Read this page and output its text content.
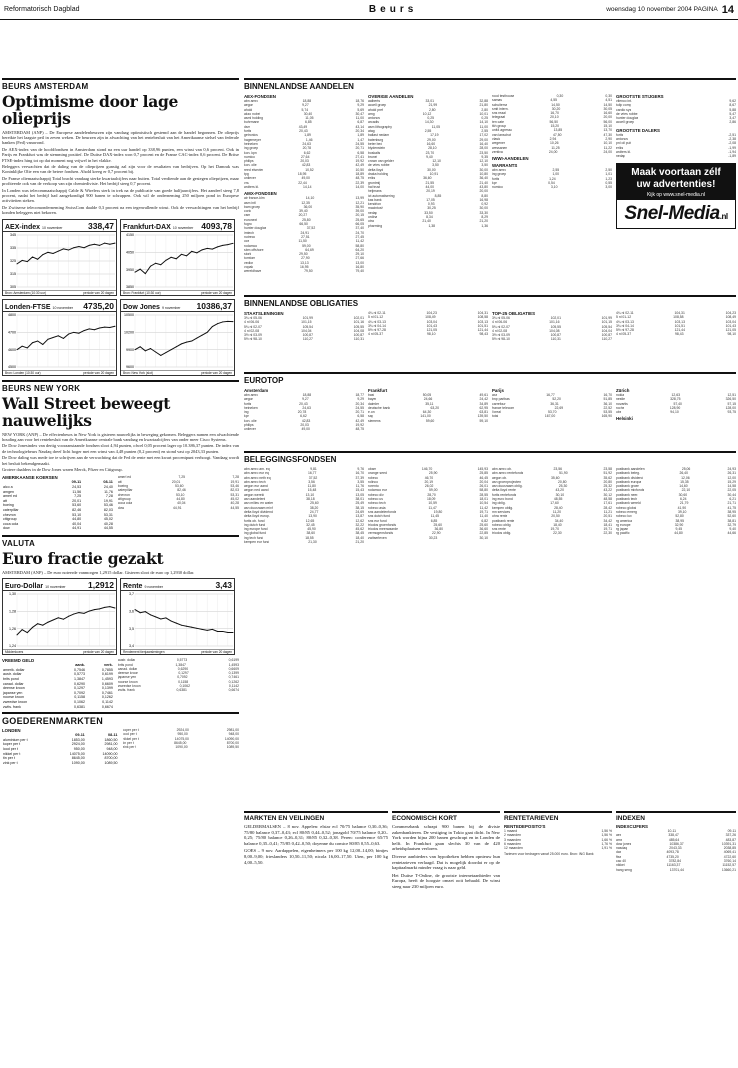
Reformatorisch Dagblad	Beurs	woensdag 10 november 2004 PAGINA 14
BEURS AMSTERDAM
Optimisme door lage olieprijs

AMSTERDAM (ANP) – De Europese aandelenbeurzen zijn vandaag optimistisch gestemd aan de handel begonnen. De olieprijs bereikte het laagste peil in zeven weken. De beurzen zijn in afwachting van het rentebesluit van het Amerikaanse stelsel van federale banken (Fed) vanavond.

De AEX-index van de hoofdfondsen in Amsterdam stond na een uur handel op 338,96 punten, een winst van 0,6 procent. Ook in Parijs en Frankfurt was de stemming positief. De Duitse DAX-index won 0,7 procent en de Franse CAC-index 0,6 procent. De Britse FTSE-index hing tot op dat moment nog vrijwel in het vlakke.

Beleggers verwachten dat de daling van de olieprijzen gunstig zal zijn voor de resultaten van bedrijven. Op het Damrak was Koninklijke Olie een van de betere fondsen. Ahold kreeg er 0,7 procent bij.

De Franse oliemaatschappij Total bracht vandaag sterke kwartaalcijfers naar buiten. Total verdiende aan de gestegen olieprijzen, maar profiteerde ook van de verkoop van zijn chemiedivisie. Het bedrijf steeg 0,7 procent.

In Londen was telecommaatschappij Cable & Wireless sterk in trek na de publicatie van goede halfjaarcijfers. Het aandeel steeg 7,8 procent, nadat het bedrijf had aangekondigd 900 banen te schrappen. Ook wil de onderneming 250 miljoen pond in Europese activiteiten steken.

De Zwitserse telecomonderneming SwissCom daalde 0,3 procent na een tegenvallende winst. Ook de verwachtingen van het bedrijf konden beleggers niet bekoren.

AEX-index 10 november	338,47
345
335
325
315
305
Bron: Amsterdam (10:30 uur)	periode van 20 dagen
Frankfurt-DAX 10 november 4093,78
4150
4050
3950
3850
Bron: Frankfurt (10:30 uur)	periode van 20 dagen
Londen-FTSE 10 november 4735,20
4800
4700
4600
4500
Bron: Londen (10:30 uur)	periode van 20 dagen
Dow Jones 9 november 10386,37
10500
10200
9900
9600
Bron: New York (slot)	periode van 20 dagen
BEURS NEW YORK
Wall Street beweegt nauwelijks

NEW YORK (ANP) – De effectenbeurs in New York is gisteren nauwelijks in beweging gekomen. Beleggers namen een afwachtende houding aan voor het rentebesluit van de Amerikaanse centrale bank vandaag en kwartaalcijfers van onder meer Cisco Systems.

De Dow Jonesindex van dertig vooraanstaande fondsen sloot 4,94 punten, ofwel 0,05 procent lager op 10.386,37 punten. De index van de technologiebeurs Nasdaq dreef licht hoger met een winst van 4,48 punten (0,2 procent) en stond vast op 2043,33 punten.

De Dow daling was mede toe te schrijven aan de verwachting dat de Fed de rente met een kwart procentpunt verhoogt. Vandaag wordt het besluit bekendgemaakt.

Grotere daalders in de Dow Jones waren Merck, Pfizer en Citigroup.

AMERIKAANSE KOERSEN
	09-11	08-11
alco a	24,53	24,40
amgen	11,56	11,76
amerl ed	7,25	7,28
att	20,01	19,91
boeing	53,60	53,46
caterpillar	82,46	82,03
chevron	53,10	53,31
citigroup	44,80	45,02
coca cola	40,04	40,28
dow	44,91	44,55
amerl ed	7,25	7,28
att	20,01	19,91
boeing	53,60	53,46
caterpillar	82,46	82,03
chevron	53,10	53,31
citigroup	44,80	45,02
coca cola	40,04	40,28
dow	44,91	44,55
VALUTA
Euro fractie gezakt

AMSTERDAM (ANP) – De euro noteerde vanmorgen 1,2915 dollar. Gisteren sloot de euro op 1,2930 dollar.

Euro-Dollar 10 november	1,2912
1,30
1,28
1,26
1,24
Middenkoers	periode van 20 dagen
Rente 9 november	3,43
3,7
3,6
3,5
3,4
Rendement tienjaarsleningen	periode van 20 dagen
VREEMD GELD
	aank.	verk.
amerik. dollar	0,7546	0,7855
austr. dollar	0,5773	0,6199
brits pond	1,3847	1,4593
canad. dollar	0,6290	0,6609
deense kroon	0,1297	0,1399
japanse yen	0,7092	0,7461
noorse kroon	0,1158	0,1262
zweedse kroon	0,1062	0,1142
zwits. frank	0,6381	0,6674
austr. dollar	0,5773	0,6199
brits pond	1,3847	1,4593
canad. dollar	0,6290	0,6609
deense kroon	0,1297	0,1399
japanse yen	0,7092	0,7461
noorse kroon	0,1158	0,1262
zweedse kroon	0,1062	0,1142
zwits. frank	0,6381	0,6674
GOEDERENMARKTEN
LONDEN
	09-11	08-11
aluminium per t	1853,00	1860,50
koper per t	2924,00	2981,00
lood per t	950,00	948,00
nikkel per t	14075,00	14090,00
tin per t	8645,00	8700,00
zink per t	1090,00	1089,50
koper per t	2924,00	2981,00
lood per t	950,00	948,00
nikkel per t	14075,00	14090,00
tin per t	8645,00	8700,00
zink per t	1090,00	1089,50
BINNENLANDSE AANDELEN
AEX-FONDSEN
abn amro	18,88	18,76
aegon	9,27	9,29
ahold	5,74	5,69
akzo nobel	30,40	30,47
asml holding	11,05	11,00
buhrmann	6,85	6,87
dsm	43,49	43,14
fortis	20,43	20,34
getronics	1,89	1,89
hagemeyer	1,46	1,47
heineken	24,63	24,55
ing groep	20,78	20,71
kon. kpn	6,62	6,58
numico	27,64	27,41
philips	20,03	19,92
kon. olie	42,83	42,49
reed elsevier	10,52	10,50
tpg	18,95	18,89
unilever	49,00	48,75
vnu	22,44	22,39
wolters kl.	14,14	14,00
AMX-FONDSEN
air france-klm	14,10	13,99
asm intl	12,35	12,21
bam groep	36,00	35,90
corio	39,40	39,00
csm	20,27	20,15
euronext	25,80	25,65
fugro	66,50	66,05
hunter douglas	37,52	37,40
imtech	24,91	24,70
nutreco	27,51	27,45
oce	11,50	11,42
rodamco	59,00	58,80
sbm offshore	64,69	64,20
stork	29,50	29,10
tomtom	27,90	27,66
vedior	13,13	13,00
vopak	16,95	16,80
wereldhave	79,50	79,40
OVERIGE AANDELEN
aalberts	33,01	32,88
accell groep	21,99	21,80
ahold pref	2,80	2,80
amg	10,12	10,01
antonov	0,25	0,25
arcadis	14,30	14,10
asm lithography	11,05	11,00
atag	2,55	2,55
ballast nedam	17,19	17,02
batenburg	29,00	29,00
beter bed	16,60	16,40
blydenstein	28,10	28,00
boskalis	23,70	23,50
brunel	9,40	9,35
crown van gelder	12,10	12,10
de vries robbe	3,50	3,50
delta lloyd	30,00	30,00
draka holding	10,91	10,80
eriks	36,60	36,40
grontmij	21,55	21,40
hal trust	44,00	43,80
heijmans	20,19	20,00
ict automatisering	8,85	8,80
kas bank	17,05	16,98
kendrion	0,93	0,92
macintosh	30,25	30,00
nedap	33,50	33,30
ordina	8,34	8,29
otra	21,40	21,20
pharming	1,38	1,36
rood testhouse	0,30	0,30
samas	4,55	4,51
schuitema	14,50	14,50
smit intern.	30,20	30,05
sns reaal	16,70	16,60
telegraaf	20,10	20,00
ten cate	56,50	56,00
tkh group	15,20	15,10
unit4 agresso	13,85	13,70
van lanschot	47,50	47,30
vlasic	2,94	2,90
wegener	10,26	10,10
wessanen	11,25	11,22
zentiva	24,00	24,00
IWWI-AANDELEN
WARRANTS
abn amro	2,55	2,50
ing groep	1,00	1,01
fortis	1,24	1,23
kpn	0,54	0,55
numico	3,10	3,00
GROOTSTE STIJGERS
vilenco int.	9,62
tulip comp	8,67
cardio sys	5,88
de vries robbe	5,47
hunter douglas	3,47
accell groep	2,86
GROOTSTE DALERS
fortis	-2,51
antonov	-2,38
pnl oil pub	-2,08
eriks	-1,99
wolters kl.	-1,94
nedap	-1,89
Maak voortaan zélf
uw advertenties!
Kijk op www.snel-media.nl
Snel-Media.nl
BINNENLANDSE OBLIGATIES
STAATSLENINGEN
3¾ nl 05-06	101,99	102,01
4 nl 06-06	101,15	101,16
5¾ nl 02-07	105,54	105,55
4 nl 02-08	104,04	104,08
3½ nl 03-09	100,87	100,87
5½ nl 98-10	110,27	110,31
4¼ nl 02-11	104,23	104,31
5 nl 01-12	108,49	108,58
4¼ nl 03-13	103,04	103,13
3¾ nl 04-14	101,43	101,51
5½ nl 97-28	121,05	121,44
4 nl 05-37	98,10	98,43
TOP-25 OBLIGATIES
3¾ nl 05-06	102,01	101,99
4 nl 06-06	101,16	101,15
5¾ nl 02-07	105,55	105,54
4 nl 02-08	104,08	104,04
3½ nl 03-09	100,87	100,87
5½ nl 98-10	110,31	110,27
4¼ nl 02-11	104,31	104,23
5 nl 01-12	108,58	108,49
4¼ nl 03-13	103,13	103,04
3¾ nl 04-14	101,51	101,43
5½ nl 97-28	121,44	121,05
4 nl 05-37	98,43	98,10
EUROTOP
Amsterdam
abn amro	18,88	18,77
aegon	9,27	9,29
fortis	20,43	20,34
heineken	24,63	24,55
ing	20,78	20,71
kpn	6,62	6,58
kon. olie	42,83	42,49
philips	20,03	19,92
unilever	49,00	48,75
Frankfurt
basf	50,05	49,61
bayer	24,66	24,42
daimler	35,11	34,89
deutsche bank	63,20	62,95
e.on	64,30	63,81
sap	141,00	139,50
siemens	59,60	59,10
Parijs
axa	16,77	16,70
bnp paribas	52,20	51,85
carrefour	36,31	36,10
france telecom	22,69	22,52
l'oreal	53,70	53,55
total	167,00	165,90
Zürich
nokia	12,63	12,51
nestle	328,75	326,50
novartis	57,40	57,15
roche	128,90	128,00
ubs	94,10	93,75
Helsinki
BELEGGINGSFONDSEN
abn amro am. eq	9,81	9,76
abn amro eur eq	16,77	16,70
abn amro neth eq	37,52	37,39
abn amro tech	3,56	3,55
aegon eur aand	11,80	11,76
aegon ned aand	15,48	15,43
aegon wereld	13,10	13,05
asn aandelenf	38,18	38,01
asn milieu en water	25,60	25,49
asn duurzaam mixf	38,20	38,15
delta lloyd dividend	24,77	24,69
delta lloyd europ.	13,90	13,87
fortis ob. fund	12,65	12,62
ing dutch fund	32,45	32,22
ing europe fund	45,90	45,62
ing global fund	38,60	38,45
ing tech fund	18,55	18,40
kempen eur fund	21,30	21,20
obam	146,70	145,93
orange seed	25,90	25,85
robeco	46,70	46,45
rolinco	20,19	20,04
rorento	26,02	26,01
rodamco eur	59,00	58,80
robeco div	28,70	28,55
robeco us	18,09	18,01
robeco tech	10,59	10,54
robeco asia	11,47	11,42
sns aandelenfonds	19,80	19,71
sns dutch fund	11,45	11,40
sns eur fund	6,85	6,82
triodos groenfonds	25,60	25,60
triodos meerwaarde	36,80	36,60
vermogensfonds	22,90	22,85
zwitserleven	30,23	30,10
abn amro ob.	23,56	23,58
abn amro rentefonds	51,90	51,92
aegon ob.	35,60	35,62
asn groenprojecten	20,80	20,80
asn duurzaam oblig.	25,30	25,32
delta lloyd rente	43,20	43,22
fortis rentefonds	30,10	30,12
ing euro bond	48,55	48,58
ing oblig.	17,60	17,61
kempen oblig.	28,40	28,42
mn services	11,20	11,21
ohra rente	20,50	20,51
postbank rente	34,40	34,42
robeco oblig.	18,40	18,41
sns rente	19,70	19,71
triodos oblig.	22,30	22,30
postbank aandelen	25,06	24,93
postbank beleg.	26,40	26,31
postbank dividend	12,06	12,00
postbank europa	15,35	15,29
postbank groen	14,60	14,58
postbank mixfonds	22,10	22,05
postbank neer.	30,60	30,44
postbank tech	6,24	6,21
postbank wereld	21,79	21,71
robeco global	41,90	41,75
robeco emerg	39,10	38,95
robeco lux	52,80	52,60
rg america	38,95	38,81
rg europe	32,90	32,79
rg japan	9,45	9,40
rg pacific	44,80	44,66
MARKTEN EN VEILINGEN

GELDERMALSEN – 8 nov. Appelen: elstar ecl 70/75 balance 0,30–0,36; 75/80 balance 0,37–0,43; ecl 80/85 0,44–0,52; jonagold 70/75 balance 0,20–0,25; 75/80 balance 0,26–0,31; 80/85 0,32–0,38. Peren: conference 65/75 balance 0,35–0,41; 75/85 0,42–0,50; doyenne du comice 80/85 0,55–0,63.

GOES – 9 nov. Aardappelen, eigenheimers per 100 kg 12,00–14,00; bintjes 8,00–9,00; frieslanders 10,50–11,50; nicola 16,00–17,50. Uien, per 100 kg 4,00–5,50.

ECONOMISCH KORT

Commerzbank schrapt 900 banen bij de divisie zakenbankieren. De vestiging in Tokio gaat dicht. In New York worden bijna 200 banen geschrapt en in Londen de helft. In Frankfurt gaan slechts 30 van de 420 arbeidsplaatsen verloren.

Diverse aanbieders van hypotheken hebben opnieuw hun rentetarieven verlaagd. Dat is mogelijk doordat er op de kapitaalmarkt minder vraag is naar geld.

Het Duitse T-Online, de grootste internetaanbieder van Europa, heeft de hoogste omzet ooit behaald. De winst steeg naar 230 miljoen euro.

RENTETARIEVEN
RENTEDEPOSITO'S
1 maand	1,56 %
2 maanden	1,56 %
3 maanden	1,66 %
6 maanden	1,76 %
12 maanden	1,91 %
Tarieven voor bedragen vanaf 25.000 euro. Bron: ING Bank
INDEXEN
INDEXCIJFERS
10-11	09-11
aex	338,47	337,26
amx	485,64	483,87
dow jones	10386,37	10391,31
nasdaq	2043,33	2038,85
dax	4093,78	4069,41
ftse	4735,20	4722,60
cac 40	3782,84	3760,14
nikkei	11163,37	11152,57
hang seng	13701,44	13660,21
